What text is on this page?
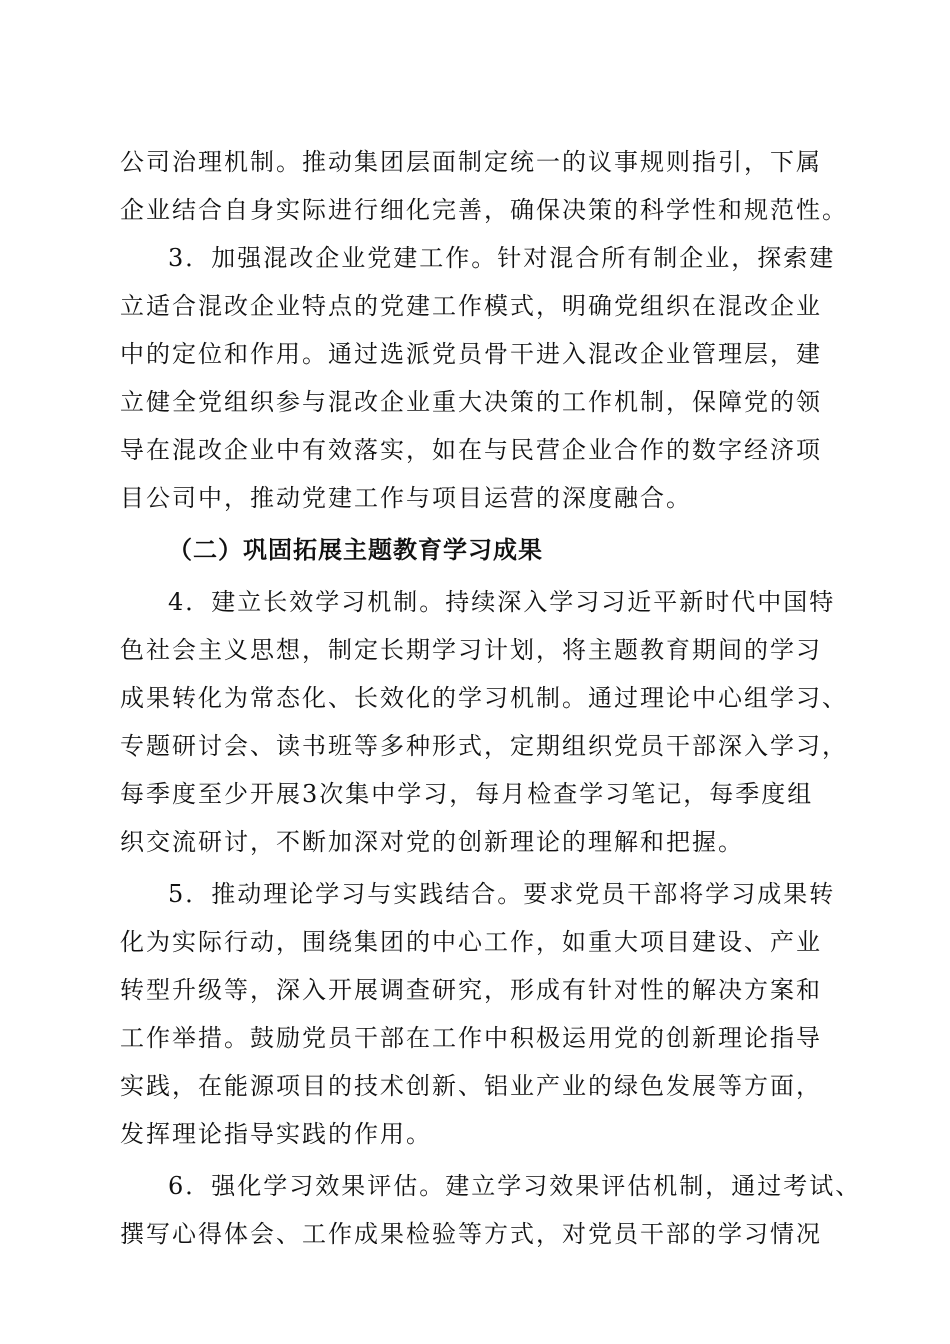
公司治理机制。推动集团层面制定统一的议事规则指引，下属
企业结合自身实际进行细化完善，确保决策的科学性和规范性。
3．加强混改企业党建工作。针对混合所有制企业，探索建
立适合混改企业特点的党建工作模式，明确党组织在混改企业
中的定位和作用。通过选派党员骨干进入混改企业管理层，建
立健全党组织参与混改企业重大决策的工作机制，保障党的领
导在混改企业中有效落实，如在与民营企业合作的数字经济项
目公司中，推动党建工作与项目运营的深度融合。
（二）巩固拓展主题教育学习成果
4．建立长效学习机制。持续深入学习习近平新时代中国特
色社会主义思想，制定长期学习计划，将主题教育期间的学习
成果转化为常态化、长效化的学习机制。通过理论中心组学习、
专题研讨会、读书班等多种形式，定期组织党员干部深入学习，
每季度至少开展3次集中学习，每月检查学习笔记，每季度组
织交流研讨，不断加深对党的创新理论的理解和把握。
5．推动理论学习与实践结合。要求党员干部将学习成果转
化为实际行动，围绕集团的中心工作，如重大项目建设、产业
转型升级等，深入开展调查研究，形成有针对性的解决方案和
工作举措。鼓励党员干部在工作中积极运用党的创新理论指导
实践，在能源项目的技术创新、铝业产业的绿色发展等方面，
发挥理论指导实践的作用。
6．强化学习效果评估。建立学习效果评估机制，通过考试、
撰写心得体会、工作成果检验等方式，对党员干部的学习情况
